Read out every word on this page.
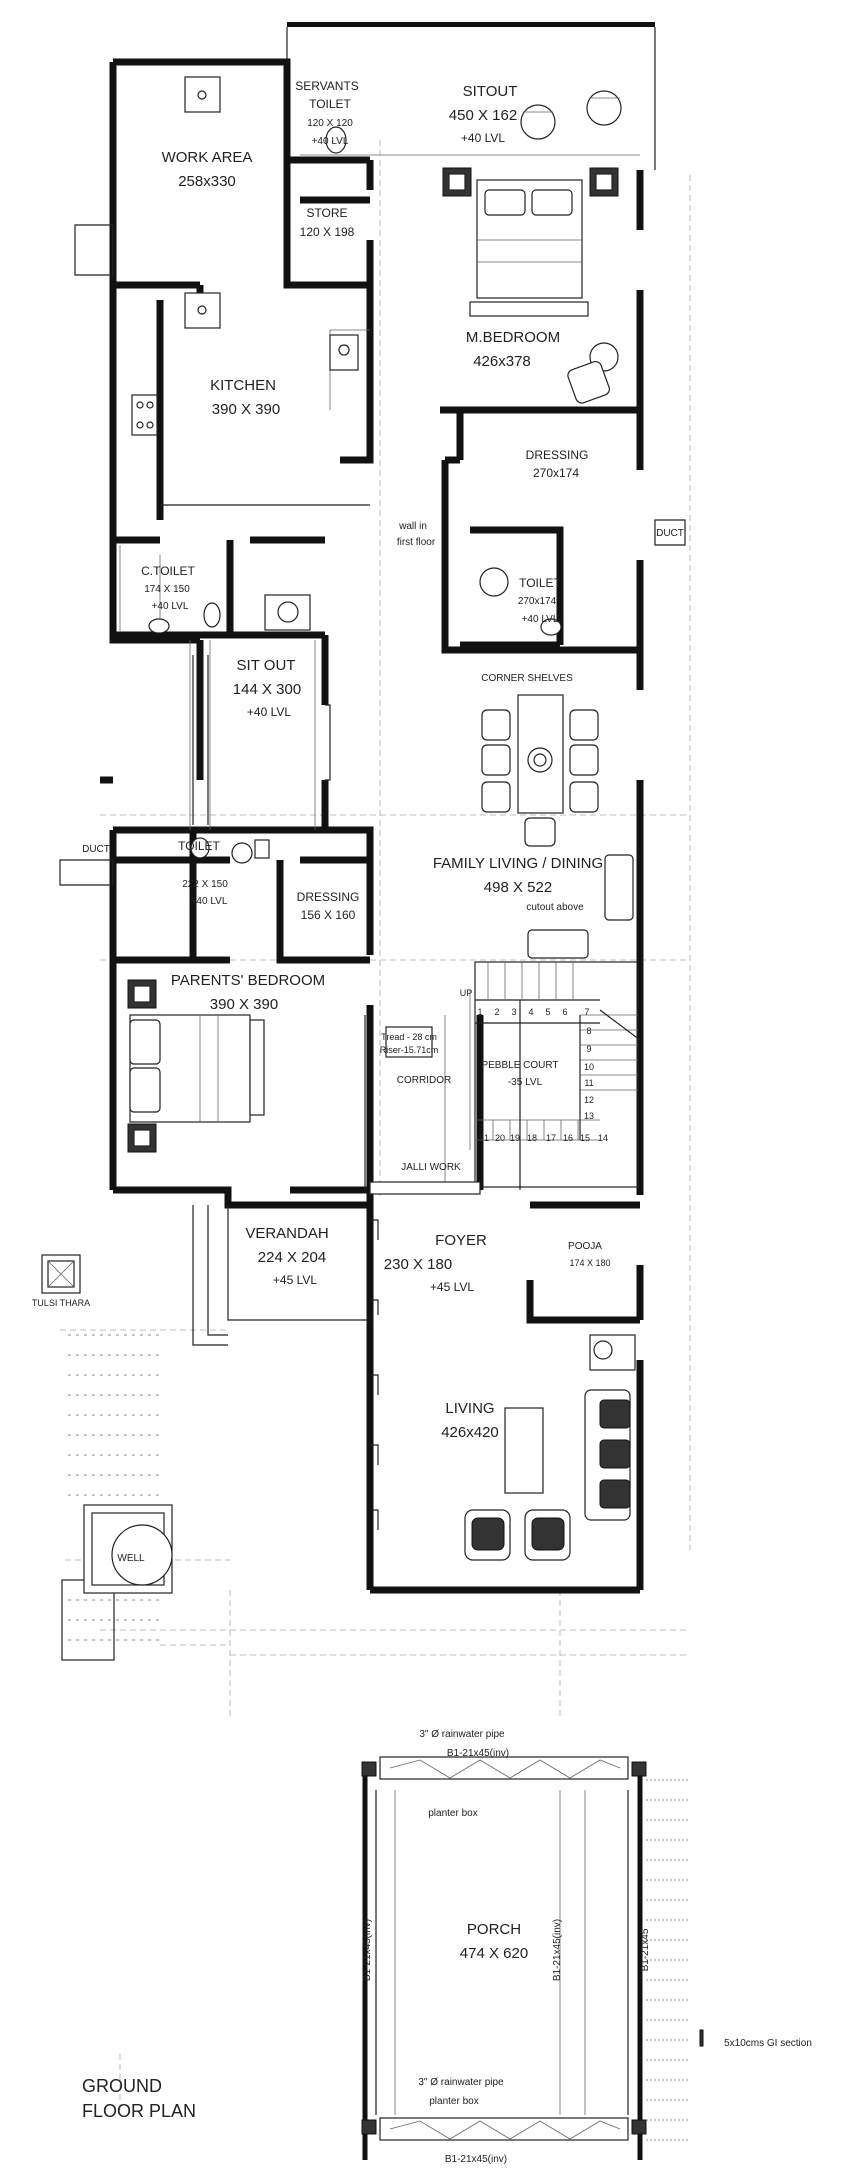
SITOUT
450 X 162
+40 LVL
SERVANTS
TOILET
120 X 120
+40 LVL
WORK AREA
258x330
STORE
120 X 198
M.BEDROOM
426x378
KITCHEN
390 X 390
DRESSING
270x174
wall in
first floor
DUCT
C.TOILET
174 X 150
+40 LVL
TOILET
270x174
+40 LVL
SIT OUT
144 X 300
+40 LVL
CORNER SHELVES
DUCT	TOILET
222 X 150
+40 LVL
FAMILY LIVING / DINING
498 X 522
cutout above
DRESSING
156 X 160
PARENTS' BEDROOM
390 X 390
UP
1 2 3 4 5 6 7
8
9
10
11
12
13
21 20 19 18 17 16 15 14
Tread - 28 cm
Riser-15.71cm
PEBBLE COURT
-35 LVL
CORRIDOR
JALLI WORK
VERANDAH
224 X 204
+45 LVL
FOYER
230 X 180
+45 LVL
POOJA
174 X 180
TULSI THARA
LIVING
426x420
WELL
3" Ø rainwater pipe
B1-21x45(inv)
planter box
PORCH
474 X 620
B1-21x45(inv)	B1-21x45(inv)	B1-21x45
5x10cms GI section
3" Ø rainwater pipe
planter box
B1-21x45(inv)
GROUND
FLOOR PLAN
